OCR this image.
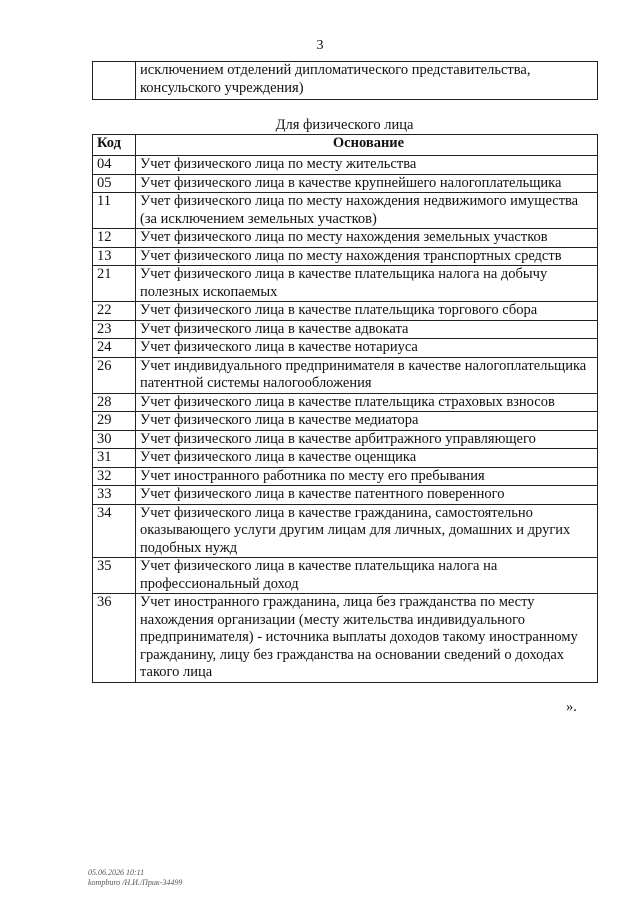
3
	исключением отделений дипломатического представительства, консульского учреждения)
Для физического лица
Код	Основание
04	Учет физического лица по месту жительства
05	Учет физического лица в качестве крупнейшего налогоплательщика
11	Учет физического лица по месту нахождения недвижимого имущества (за исключением земельных участков)
12	Учет физического лица по месту нахождения земельных участков
13	Учет физического лица по месту нахождения транспортных средств
21	Учет физического лица в качестве плательщика налога на добычу полезных ископаемых
22	Учет физического лица в качестве плательщика торгового сбора
23	Учет физического лица в качестве адвоката
24	Учет физического лица в качестве нотариуса
26	Учет индивидуального предпринимателя в качестве налогоплательщика патентной системы налогообложения
28	Учет физического лица в качестве плательщика страховых взносов
29	Учет физического лица в качестве медиатора
30	Учет физического лица в качестве арбитражного управляющего
31	Учет физического лица в качестве оценщика
32	Учет иностранного работника по месту его пребывания
33	Учет физического лица в качестве патентного поверенного
34	Учет физического лица в качестве гражданина, самостоятельно оказывающего услуги другим лицам для личных, домашних и других подобных нужд
35	Учет физического лица в качестве плательщика налога на профессиональный доход
36	Учет иностранного гражданина, лица без гражданства по месту нахождения организации (месту жительства индивидуального предпринимателя) - источника выплаты доходов такому иностранному гражданину, лицу без гражданства на основании сведений о доходах такого лица
».
05.06.2026 10:11
kompburo /Н.И./Прик-34499
